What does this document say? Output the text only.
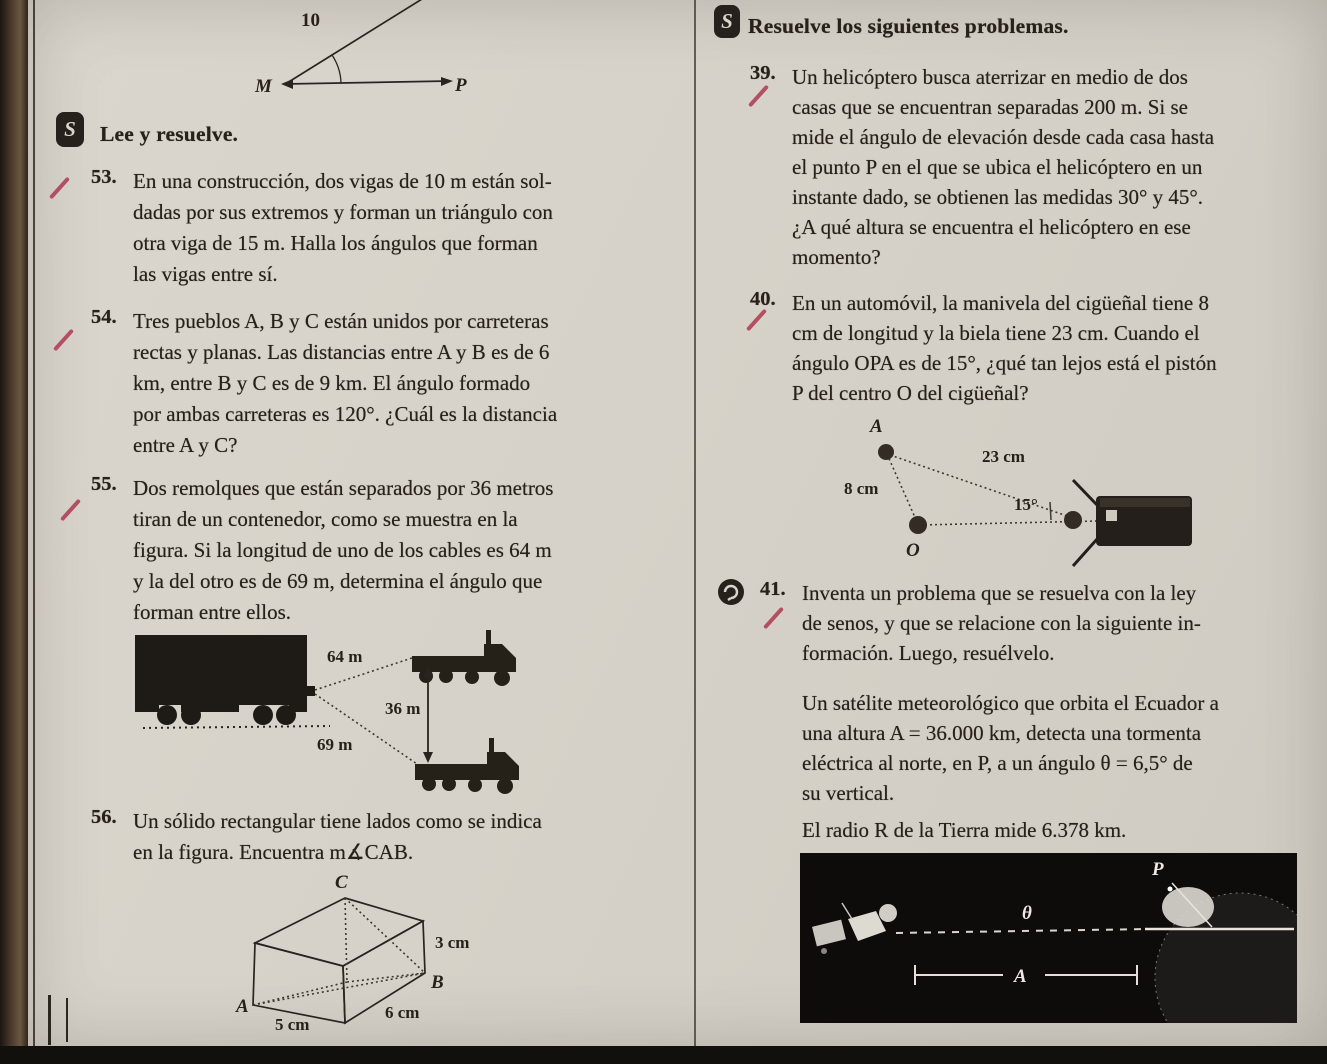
10
M	P
S	Lee y resuelve.
53. En una construcción, dos vigas de 10 m están sol-
dadas por sus extremos y forman un triángulo con
otra viga de 15 m. Halla los ángulos que forman
las vigas entre sí.
54. Tres pueblos A, B y C están unidos por carreteras
rectas y planas. Las distancias entre A y B es de 6
km, entre B y C es de 9 km. El ángulo formado
por ambas carreteras es 120°. ¿Cuál es la distancia
entre A y C?
55. Dos remolques que están separados por 36 metros
tiran de un contenedor, como se muestra en la
figura. Si la longitud de uno de los cables es 64 m
y la del otro es de 69 m, determina el ángulo que
forman entre ellos.
64 m
36 m
69 m
56. Un sólido rectangular tiene lados como se indica
en la figura. Encuentra m∡CAB.
C
A
B
3 cm
5 cm
6 cm
S Resuelve los siguientes problemas.
39. Un helicóptero busca aterrizar en medio de dos
casas que se encuentran separadas 200 m. Si se
mide el ángulo de elevación desde cada casa hasta
el punto P en el que se ubica el helicóptero en un
instante dado, se obtienen las medidas 30° y 45°.
¿A qué altura se encuentra el helicóptero en ese
momento?
40. En un automóvil, la manivela del cigüeñal tiene 8
cm de longitud y la biela tiene 23 cm. Cuando el
ángulo OPA es de 15°, ¿qué tan lejos está el pistón
P del centro O del cigüeñal?
A
O
8 cm
23 cm
15°
41. Inventa un problema que se resuelva con la ley
de senos, y que se relacione con la siguiente in-
formación. Luego, resuélvelo.
Un satélite meteorológico que orbita el Ecuador a
una altura A = 36.000 km, detecta una tormenta
eléctrica al norte, en P, a un ángulo θ = 6,5° de
su vertical.
El radio R de la Tierra mide 6.378 km.
P
θ
A
